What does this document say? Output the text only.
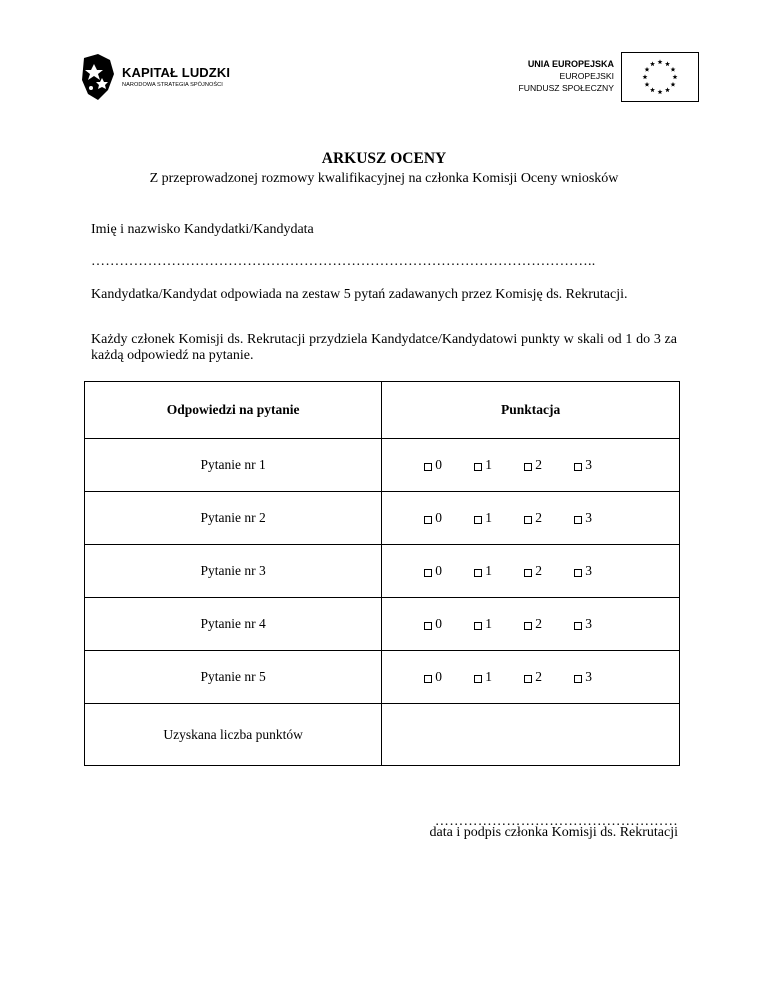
KAPITAŁ LUDZKI
NARODOWA STRATEGIA SPÓJNOŚCI
UNIA EUROPEJSKA
EUROPEJSKI
FUNDUSZ SPOŁECZNY
ARKUSZ OCENY
Z przeprowadzonej rozmowy kwalifikacyjnej na członka Komisji Oceny wniosków
Imię i nazwisko Kandydatki/Kandydata
……………………………………………………………………………………………..
Kandydatka/Kandydat odpowiada na zestaw 5 pytań zadawanych przez Komisję ds. Rekrutacji.
Każdy członek Komisji ds. Rekrutacji przydziela Kandydatce/Kandydatowi punkty w skali od 1 do 3 za każdą odpowiedź na pytanie.
Odpowiedzi na pytanie	Punktacja
Pytanie nr 1	0 1 2 3

Pytanie nr 2	0 1 2 3

Pytanie nr 3	0 1 2 3

Pytanie nr 4	0 1 2 3

Pytanie nr 5	0 1 2 3

Uzyskana liczba punktów	
……………………………………………
data i podpis członka Komisji ds. Rekrutacji
